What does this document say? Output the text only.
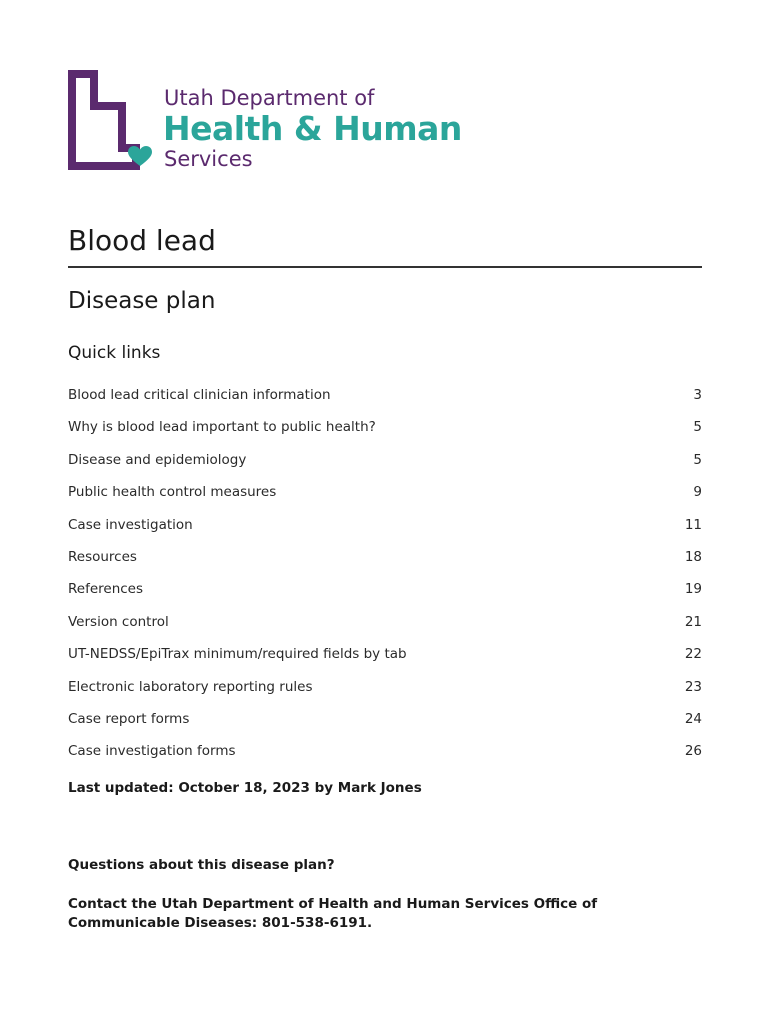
Utah Department of
Health & Human
Services
Blood lead
Disease plan
Quick links
Blood lead critical clinician information	3
Why is blood lead important to public health?	5
Disease and epidemiology	5
Public health control measures	9
Case investigation	11
Resources	18
References	19
Version control	21
UT-NEDSS/EpiTrax minimum/required fields by tab	22
Electronic laboratory reporting rules	23
Case report forms	24
Case investigation forms	26

Last updated: October 18, 2023 by Mark Jones

Questions about this disease plan?

Contact the Utah Department of Health and Human Services Office of Communicable Diseases: 801-538-6191.
